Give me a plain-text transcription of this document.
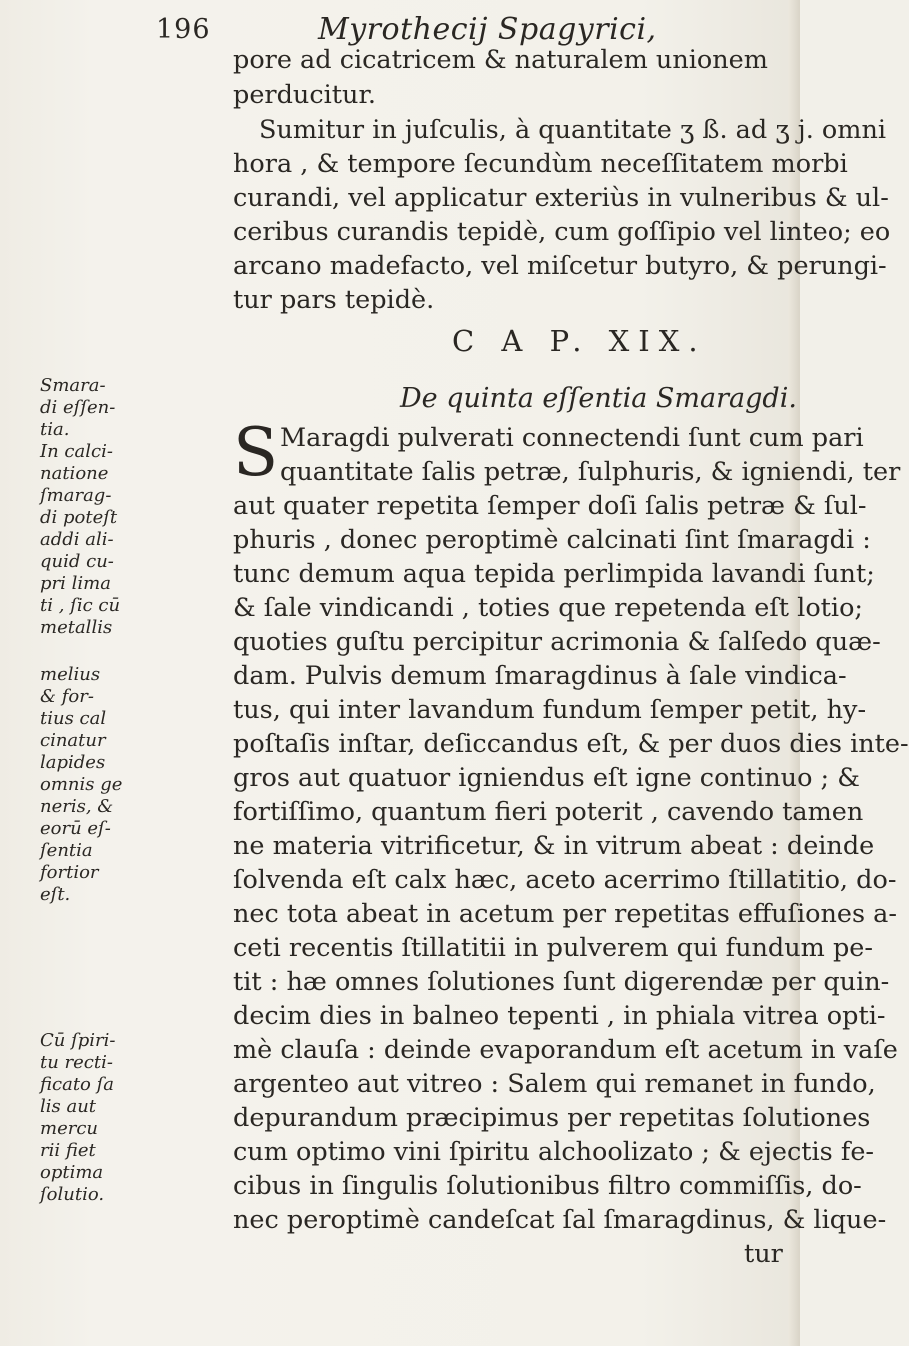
196	Myrothecij Spagyrici,
pore ad cicatricem & naturalem unionem
perducitur.
Sumitur in juſculis, à quantitate ʒ ß. ad ʒ j. omni
hora , & tempore ſecundùm neceſſitatem morbi
curandi, vel applicatur exteriùs in vulneribus & ul-
ceribus curandis tepidè, cum goſſipio vel linteo; eo
arcano madefacto, vel miſcetur butyro, & perungi-
tur pars tepidè.
C A P. XIX.
De quinta eſſentia Smaragdi.
S Maragdi pulverati connectendi ſunt cum pari
quantitate ſalis petræ, ſulphuris, & igniendi, ter
aut quater repetita ſemper doſi ſalis petræ & ſul-
phuris , donec peroptimè calcinati ſint ſmaragdi :
tunc demum aqua tepida perlimpida lavandi ſunt;
& ſale vindicandi , toties que repetenda eſt lotio;
quoties guſtu percipitur acrimonia & ſalſedo quæ-
dam. Pulvis demum ſmaragdinus à ſale vindica-
tus, qui inter lavandum fundum ſemper petit, hy-
poſtaſis inſtar, deſiccandus eſt, & per duos dies inte-
gros aut quatuor igniendus eſt igne continuo ; &
fortiſſimo, quantum fieri poterit , cavendo tamen
ne materia vitrificetur, & in vitrum abeat : deinde
ſolvenda eſt calx hæc, aceto acerrimo ſtillatitio, do-
nec tota abeat in acetum per repetitas effuſiones a-
ceti recentis ſtillatitii in pulverem qui fundum pe-
tit : hæ omnes ſolutiones ſunt digerendæ per quin-
decim dies in balneo tepenti , in phiala vitrea opti-
mè clauſa : deinde evaporandum eſt acetum in vaſe
argenteo aut vitreo : Salem qui remanet in fundo,
depurandum præcipimus per repetitas ſolutiones
cum optimo vini ſpiritu alchoolizato ; & ejectis fe-
cibus in ſingulis ſolutionibus filtro commiſſis, do-
nec peroptimè candeſcat ſal ſmaragdinus, & lique-
tur
Smara-
di eſſen-
tia.
In calci-
natione
ſmarag-
di poteſt
addi ali-
quid cu-
pri lima
ti , ſic cū
metallis
melius
& for-
tius cal
cinatur
lapides
omnis ge
neris, &
eorū eſ-
ſentia
fortior
eſt.
Cū ſpiri-
tu recti-
ficato ſa
lis aut
mercu
rii fiet
optima
ſolutio.
